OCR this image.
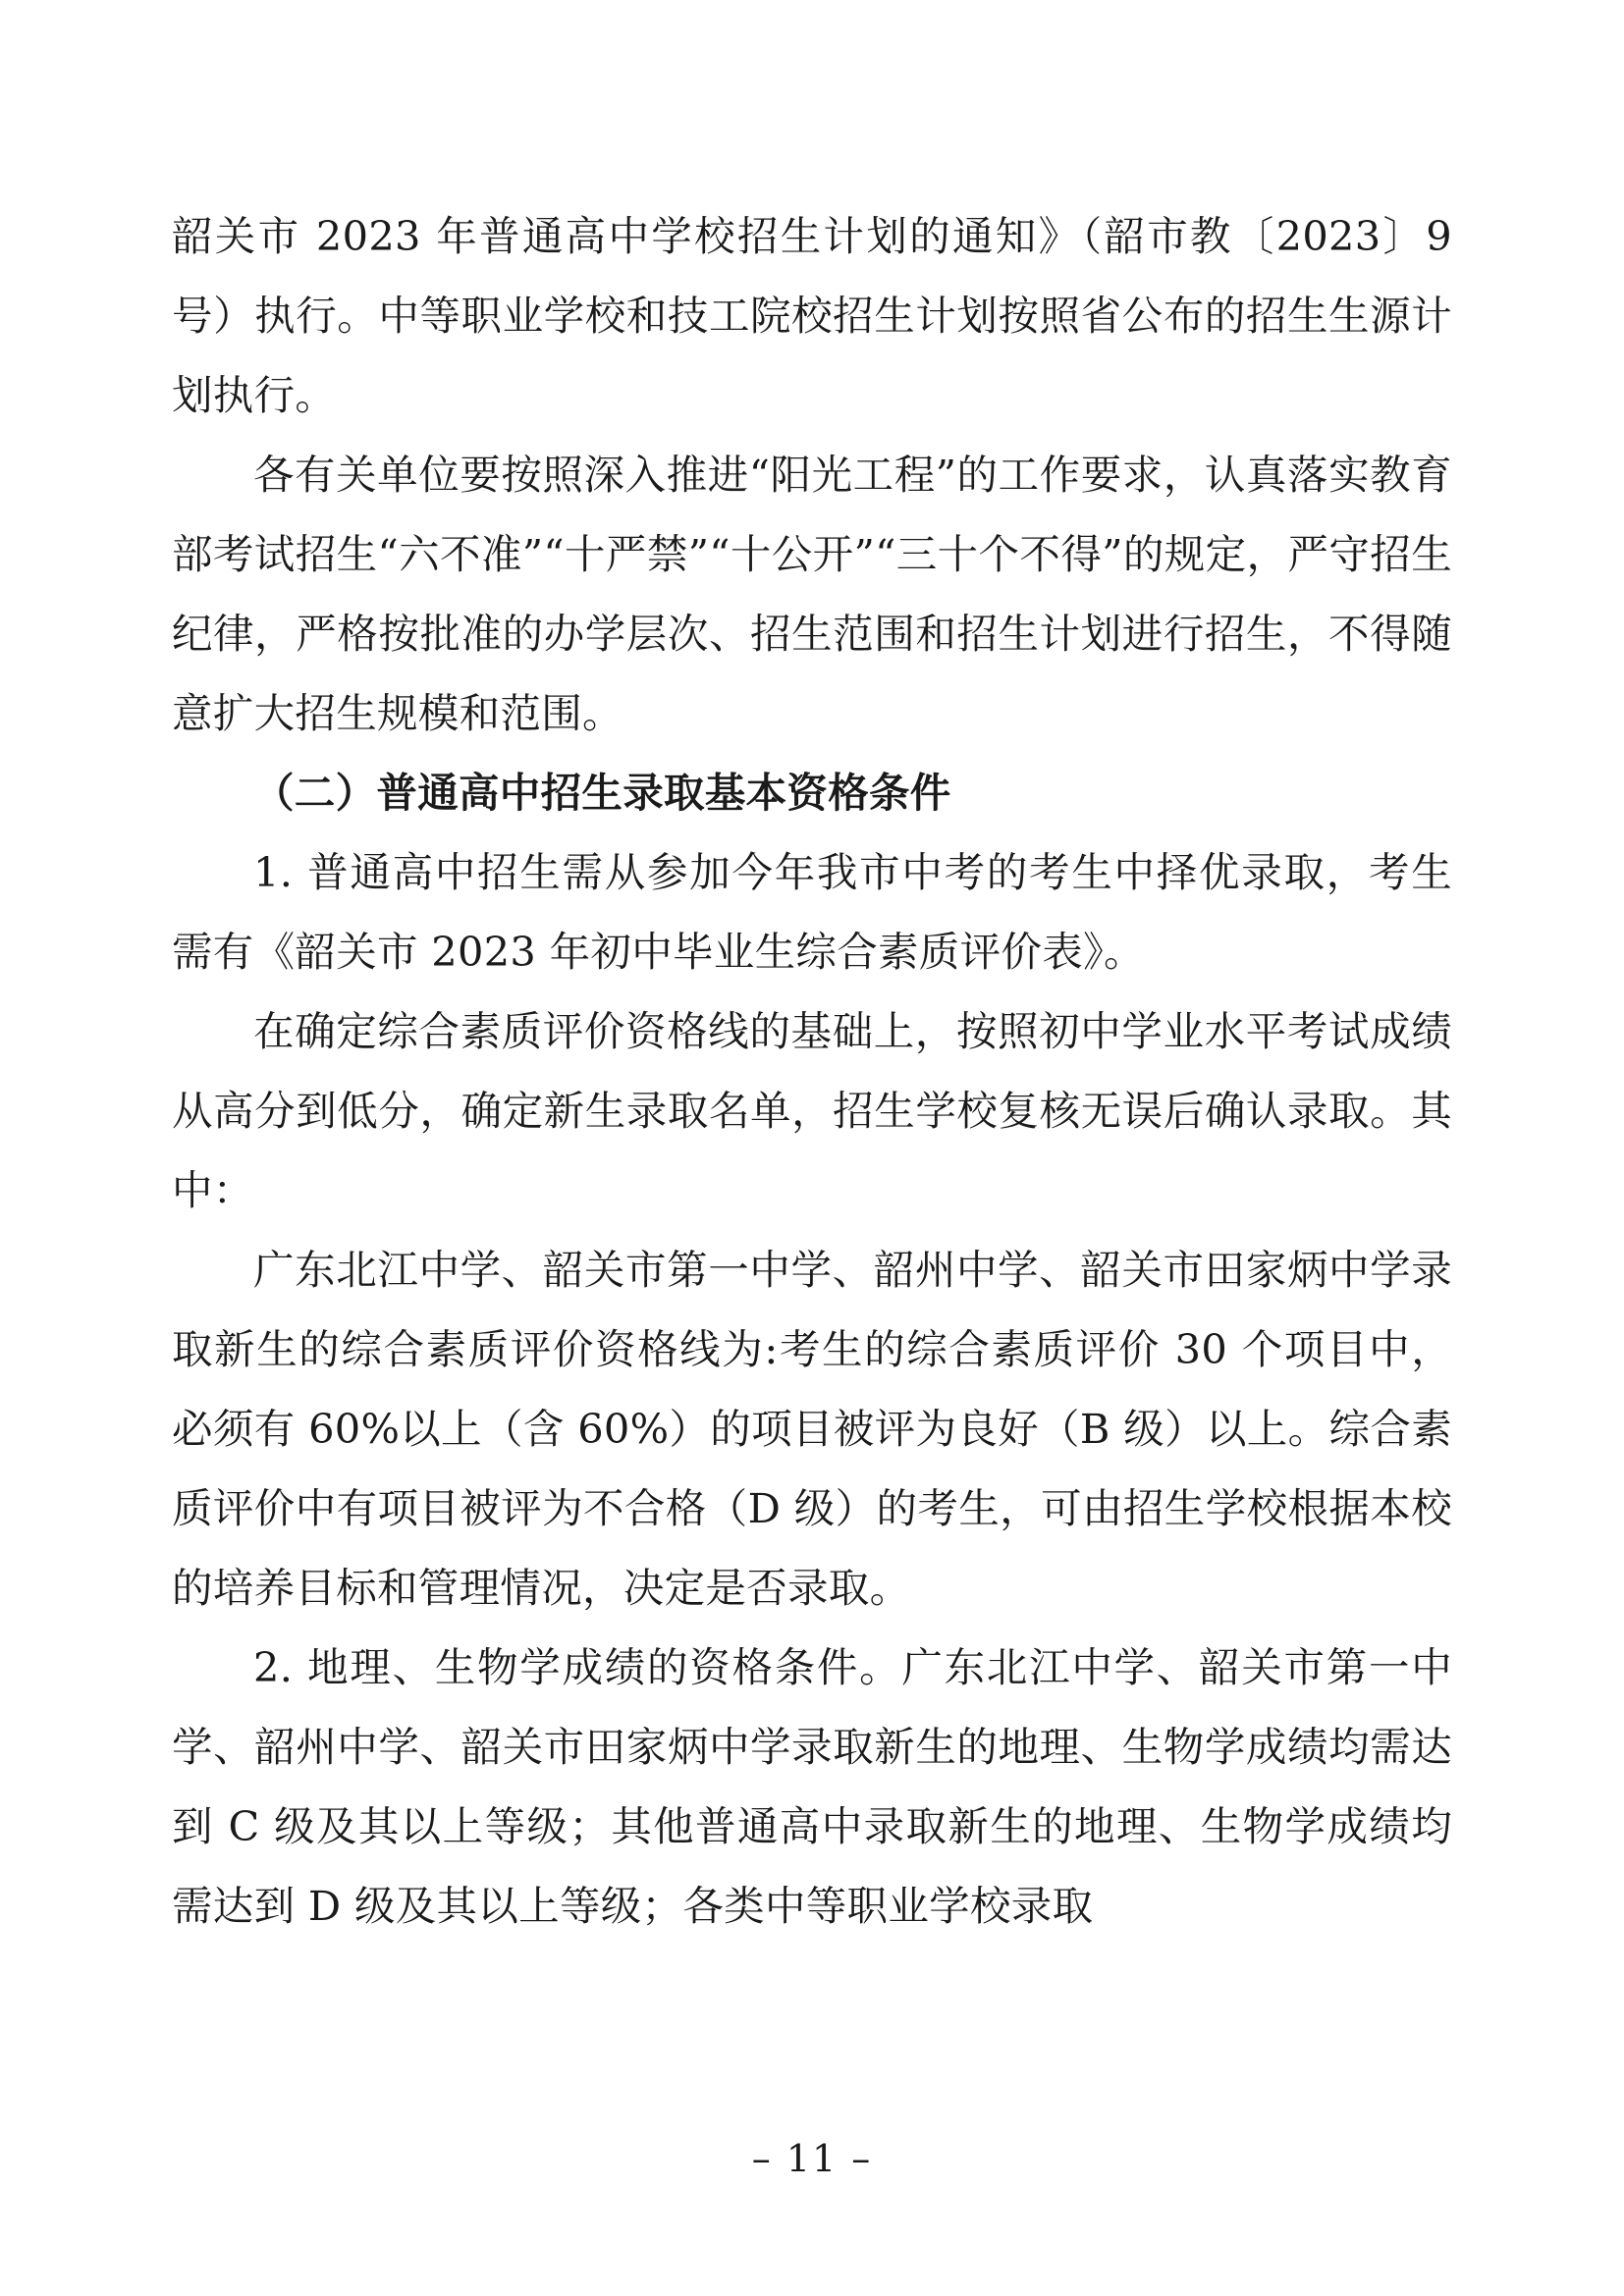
韶关市 2023 年普通高中学校招生计划的通知》（韶市教〔2023〕9 号）执行。中等职业学校和技工院校招生计划按照省公布的招生生源计划执行。

各有关单位要按照深入推进“阳光工程”的工作要求，认真落实教育部考试招生“六不准”“十严禁”“十公开”“三十个不得”的规定，严守招生纪律，严格按批准的办学层次、招生范围和招生计划进行招生，不得随意扩大招生规模和范围。

（二）普通高中招生录取基本资格条件

1. 普通高中招生需从参加今年我市中考的考生中择优录取，考生需有《韶关市 2023 年初中毕业生综合素质评价表》。

在确定综合素质评价资格线的基础上，按照初中学业水平考试成绩从高分到低分，确定新生录取名单，招生学校复核无误后确认录取。其中：

广东北江中学、韶关市第一中学、韶州中学、韶关市田家炳中学录取新生的综合素质评价资格线为:考生的综合素质评价 30 个项目中，必须有 60%以上（含 60%）的项目被评为良好（B 级）以上。综合素质评价中有项目被评为不合格（D 级）的考生，可由招生学校根据本校的培养目标和管理情况，决定是否录取。

2. 地理、生物学成绩的资格条件。广东北江中学、韶关市第一中学、韶州中学、韶关市田家炳中学录取新生的地理、生物学成绩均需达到 C 级及其以上等级；其他普通高中录取新生的地理、生物学成绩均需达到 D 级及其以上等级；各类中等职业学校录取

– 11 –
